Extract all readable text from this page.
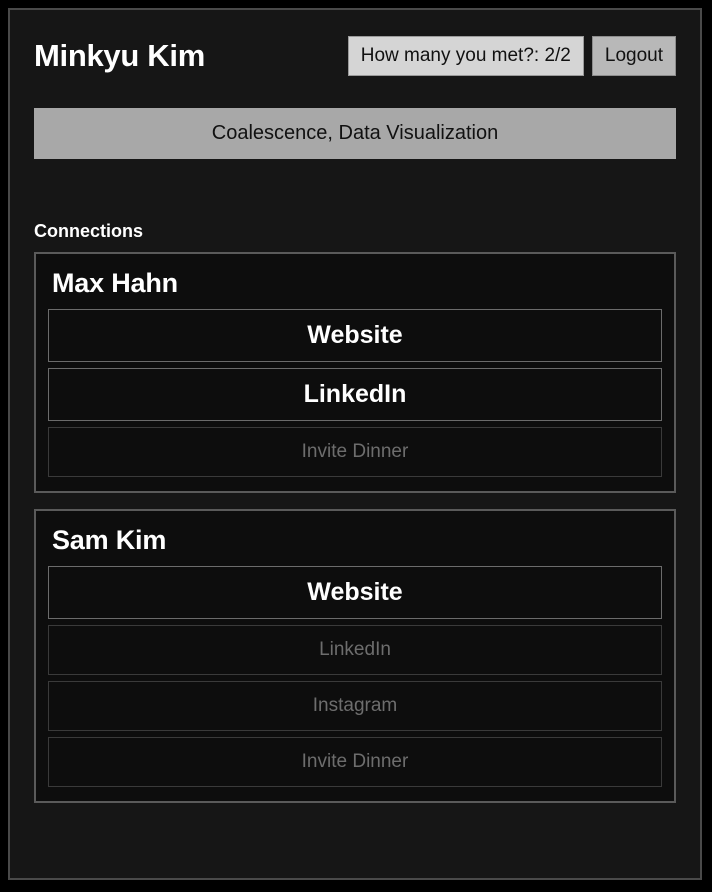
Minkyu Kim	How many you met?: 2/2	Logout
Coalescence, Data Visualization
Connections
Max Hahn
Website
LinkedIn
Invite Dinner
Sam Kim
Website
LinkedIn
Instagram
Invite Dinner
